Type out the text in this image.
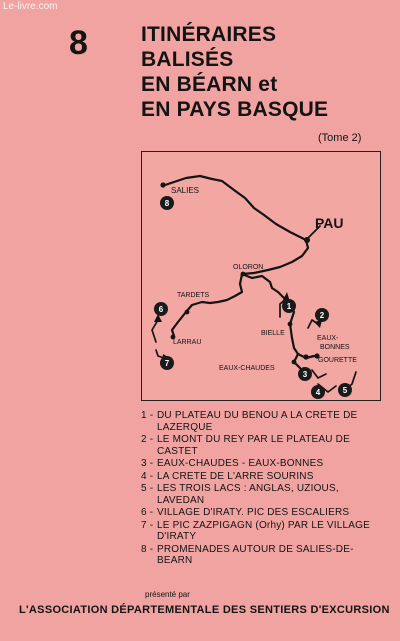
Le-livre.com
8	ITINÉRAIRES
BALISÉS
EN BÉARN et
EN PAYS BASQUE
(Tome 2)
SALIES
PAU
OLORON
TARDETS
LARRAU
BIELLE
EAUX- BONNES
GOURETTE
EAUX-CHAUDES
1
2
3
4	5
6
7
8
1 - DU PLATEAU DU BENOU A LA CRETE DE LAZERQUE
2 - LE MONT DU REY PAR LE PLATEAU DE CASTET
3 - EAUX-CHAUDES - EAUX-BONNES
4 - LA CRETE DE L'ARRE SOURINS
5 - LES TROIS LACS : ANGLAS, UZIOUS, LAVEDAN
6 - VILLAGE D'IRATY. PIC DES ESCALIERS
7 - LE PIC ZAZPIGAGN (Orhy) PAR LE VILLAGE D'IRATY
8 - PROMENADES AUTOUR DE SALIES-DE-BEARN
présenté par
L'ASSOCIATION DÉPARTEMENTALE DES SENTIERS D'EXCURSION
